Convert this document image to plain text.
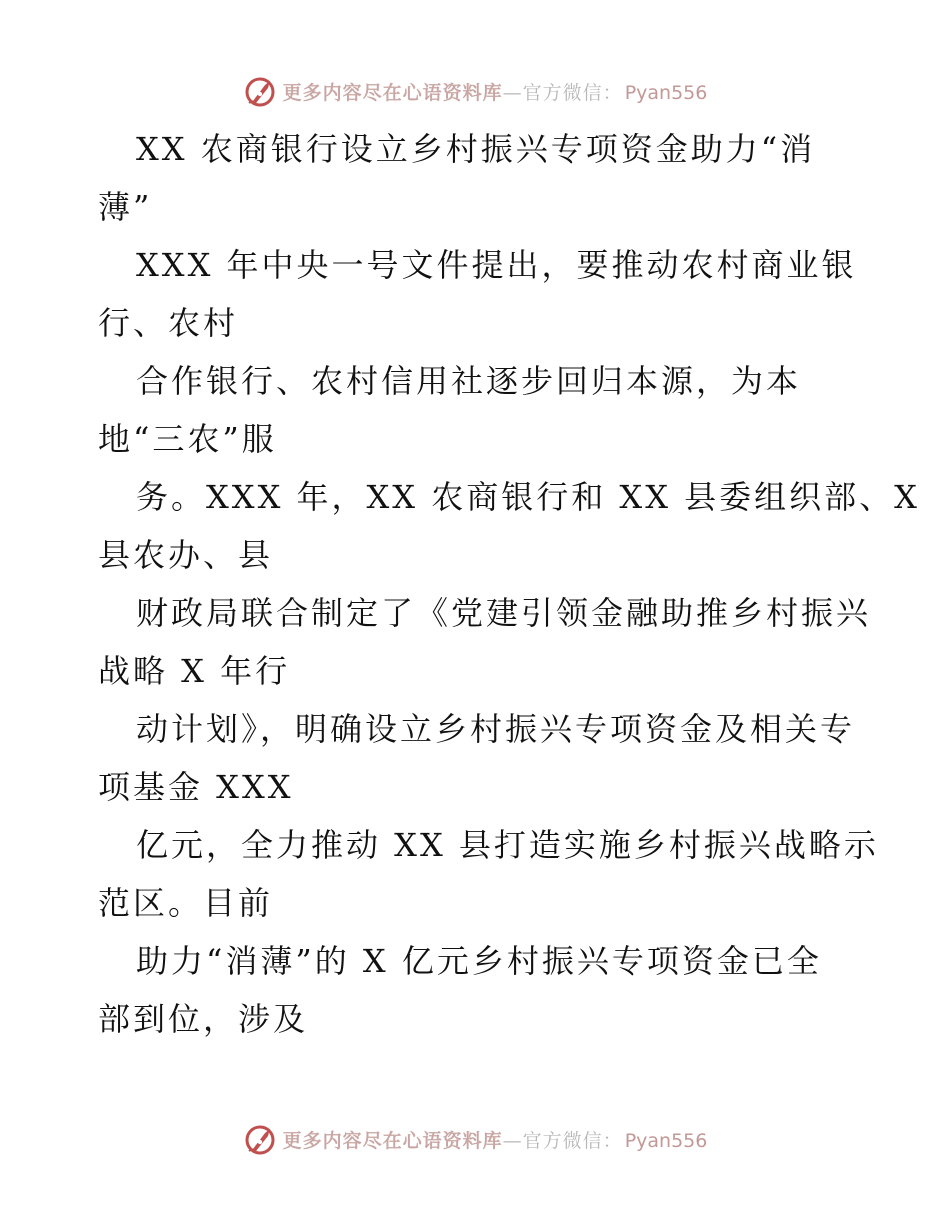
更多内容尽在心语资料库 —官方微信： Pyan556
XX 农商银行设立乡村振兴专项资金助力“消
薄”
XXX 年中央一号文件提出，要推动农村商业银
行、农村
合作银行、农村信用社逐步回归本源，为本
地“三农”服
务。XXX 年，XX 农商银行和 XX 县委组织部、X
县农办、县
财政局联合制定了《党建引领金融助推乡村振兴
战略 X 年行
动计划》，明确设立乡村振兴专项资金及相关专
项基金 XXX
亿元，全力推动 XX 县打造实施乡村振兴战略示
范区。目前
助力“消薄”的 X 亿元乡村振兴专项资金已全
部到位，涉及
更多内容尽在心语资料库 —官方微信： Pyan556
